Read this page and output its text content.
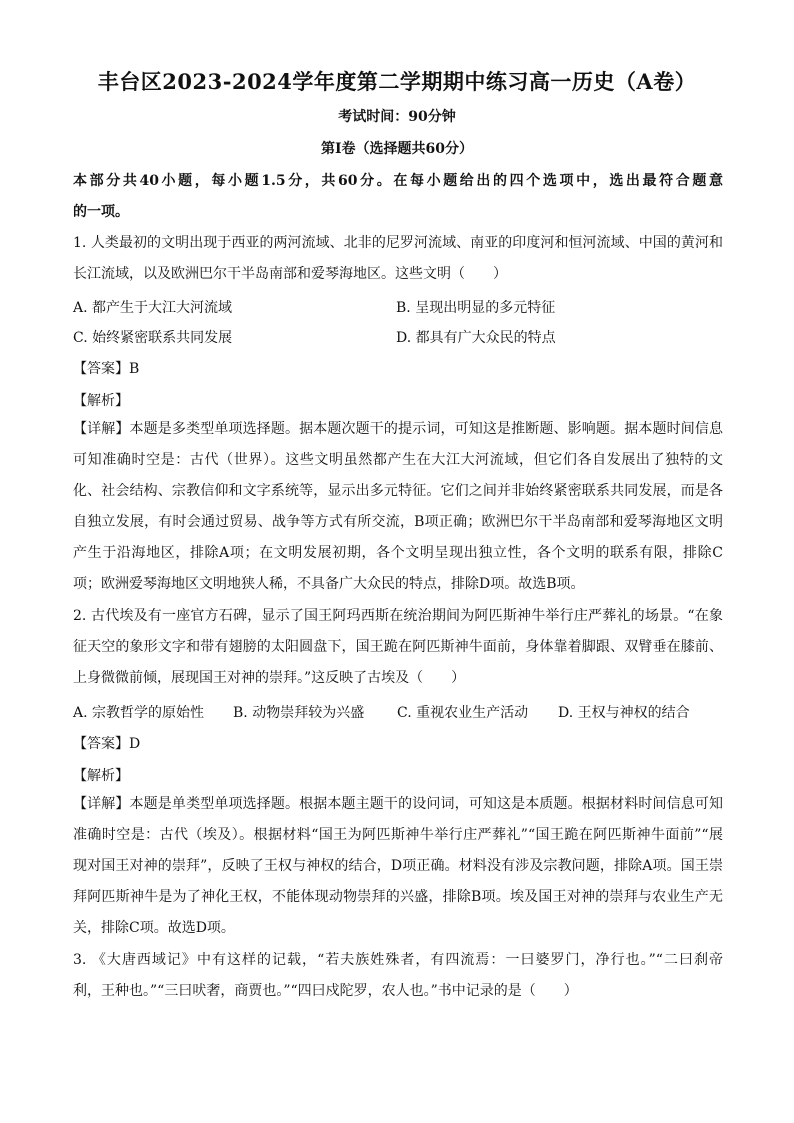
丰台区2023-2024学年度第二学期期中练习高一历史（A卷）
考试时间：90分钟
第Ⅰ卷（选择题共60分）
本部分共40小题，每小题1.5分，共60分。在每小题给出的四个选项中，选出最符合题意
的一项。
1. 人类最初的文明出现于西亚的两河流域、北非的尼罗河流域、南亚的印度河和恒河流域、中国的黄河和
长江流域，以及欧洲巴尔干半岛南部和爱琴海地区。这些文明（　　）
A. 都产生于大江大河流域	B. 呈现出明显的多元特征
C. 始终紧密联系共同发展	D. 都具有广大众民的特点
【答案】B
【解析】
【详解】本题是多类型单项选择题。据本题次题干的提示词，可知这是推断题、影响题。据本题时间信息
可知准确时空是：古代（世界）。这些文明虽然都产生在大江大河流域，但它们各自发展出了独特的文
化、社会结构、宗教信仰和文字系统等，显示出多元特征。它们之间并非始终紧密联系共同发展，而是各
自独立发展，有时会通过贸易、战争等方式有所交流，B项正确；欧洲巴尔干半岛南部和爱琴海地区文明
产生于沿海地区，排除A项；在文明发展初期，各个文明呈现出独立性，各个文明的联系有限，排除C
项；欧洲爱琴海地区文明地狭人稀，不具备广大众民的特点，排除D项。故选B项。
2. 古代埃及有一座官方石碑，显示了国王阿玛西斯在统治期间为阿匹斯神牛举行庄严葬礼的场景。“在象
征天空的象形文字和带有翅膀的太阳圆盘下，国王跪在阿匹斯神牛面前，身体靠着脚跟、双臂垂在膝前、
上身微微前倾，展现国王对神的崇拜。”这反映了古埃及（　　）
A. 宗教哲学的原始性 B. 动物崇拜较为兴盛 C. 重视农业生产活动 D. 王权与神权的结合
【答案】D
【解析】
【详解】本题是单类型单项选择题。根据本题主题干的设问词，可知这是本质题。根据材料时间信息可知
准确时空是：古代（埃及）。根据材料“国王为阿匹斯神牛举行庄严葬礼”“国王跪在阿匹斯神牛面前”“展
现对国王对神的崇拜”，反映了王权与神权的结合，D项正确。材料没有涉及宗教问题，排除A项。国王崇
拜阿匹斯神牛是为了神化王权，不能体现动物崇拜的兴盛，排除B项。埃及国王对神的崇拜与农业生产无
关，排除C项。故选D项。
3. 《大唐西域记》中有这样的记载，“若夫族姓殊者，有四流焉：一曰婆罗门，净行也。”“二曰刹帝
利，王种也。”“三曰吠奢，商贾也。”“四曰戍陀罗，农人也。”书中记录的是（　　）
